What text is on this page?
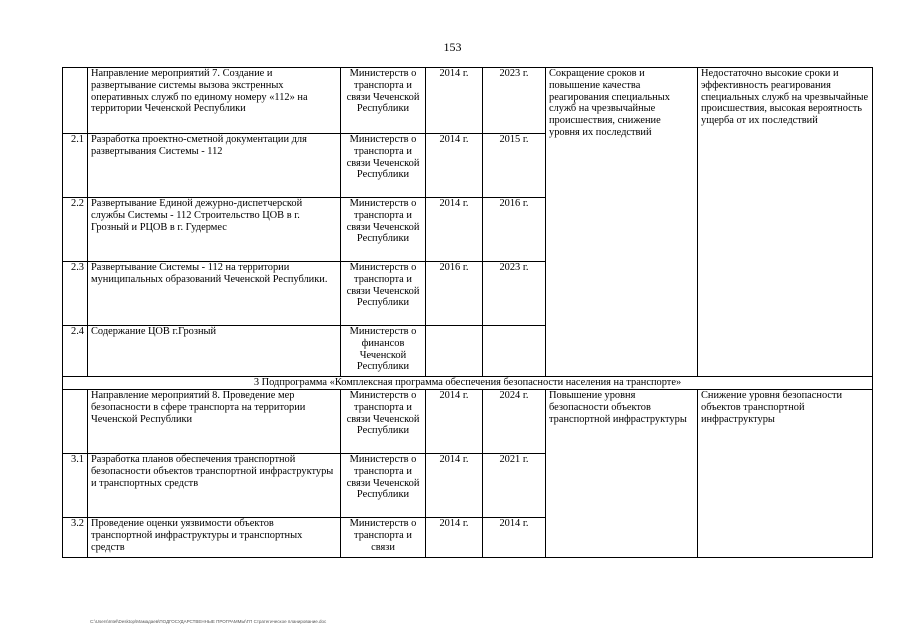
153
	Направление мероприятий 7. Создание и развертывание системы вызова экстренных оперативных служб по единому номеру «112» на территории Чеченской Республики	Министерств о транспорта и связи Чеченской Республики	2014 г.	2023 г.	Сокращение сроков и повышение качества реагирования специальных служб на чрезвычайные происшествия, снижение уровня их последствий	Недостаточно высокие сроки и эффективность реагирования специальных служб на чрезвычайные происшествия, высокая вероятность ущерба от их последствий
2.1	Разработка проектно-сметной документации для развертывания Системы - 112	Министерств о транспорта и связи Чеченской Республики	2014 г.	2015 г.		
2.2	Развертывание Единой дежурно-диспетчерской службы Системы - 112 Строительство ЦОВ в г. Грозный и РЦОВ в г. Гудермес	Министерств о транспорта и связи Чеченской Республики	2014 г.	2016 г.		
2.3	Развертывание Системы - 112 на территории муниципальных образований Чеченской Республики.	Министерств о транспорта и связи Чеченской Республики	2016 г.	2023 г.		
2.4	Содержание ЦОВ г.Грозный	Министерств о финансов Чеченской Республики				
3 Подпрограмма «Комплексная программа обеспечения безопасности населения на транспорте»						
	Направление мероприятий 8. Проведение мер безопасности в сфере транспорта на территории Чеченской Республики	Министерств о транспорта и связи Чеченской Республики	2014 г.	2024 г.	Повышение уровня безопасности объектов транспортной инфраструктуры	Снижение уровня безопасности объектов транспортной инфраструктуры
3.1	Разработка планов обеспечения транспортной безопасности объектов транспортной инфраструктуры и транспортных средств	Министерств о транспорта и связи Чеченской Республики	2014 г.	2021 г.		
3.2	Проведение оценки уязвимости объектов транспортной инфраструктуры и транспортных средств	Министерств о транспорта и связи	2014 г.	2014 г.		
C:\Users\Intel\Desktop\Мамадаев\ПОДГОСУДАРСТВЕННЫЕ ПРОГРАММЫ\ГП Стратегическое планирование.doc
